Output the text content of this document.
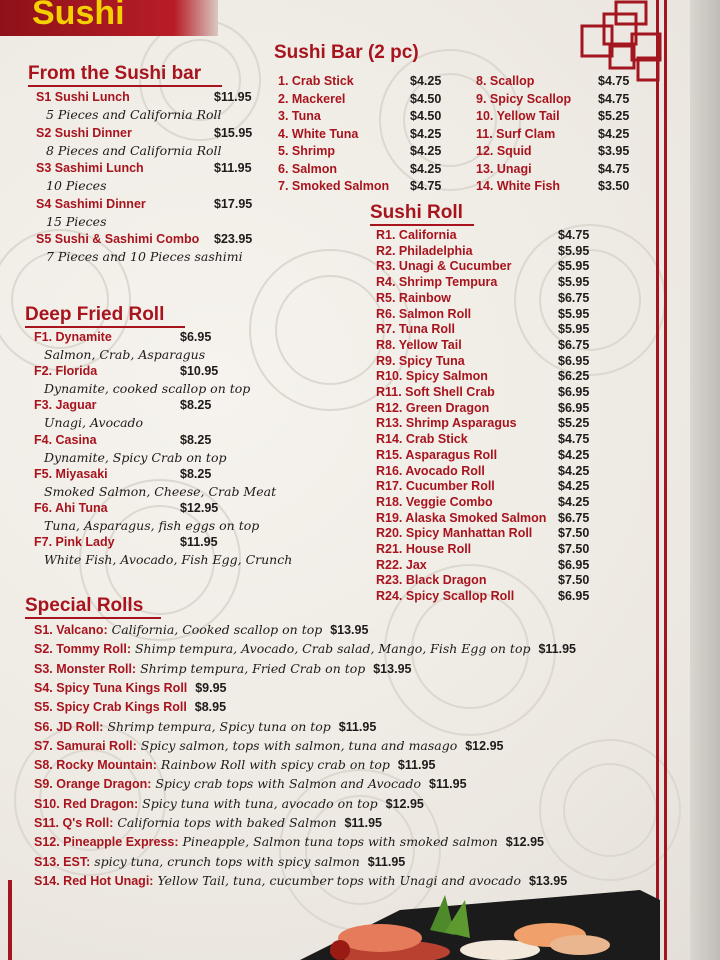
Sushi
Sushi Bar (2 pc)
1. Crab Stick	$4.25
2. Mackerel	$4.50
3. Tuna	$4.50
4. White Tuna	$4.25
5. Shrimp	$4.25
6. Salmon	$4.25
7. Smoked Salmon $4.75
8. Scallop	$4.75
9. Spicy Scallop $4.75
10. Yellow Tail	$5.25
11. Surf Clam	$4.25
12. Squid	$3.95
13. Unagi	$4.75
14. White Fish	$3.50
From the Sushi bar
S1 Sushi Lunch	$11.95
5 Pieces and California Roll
S2 Sushi Dinner	$15.95
8 Pieces and California Roll
S3 Sashimi Lunch	$11.95
10 Pieces
S4 Sashimi Dinner	$17.95
15 Pieces
S5 Sushi & Sashimi Combo $23.95
7 Pieces and 10 Pieces sashimi
Sushi Roll
R1. California	$4.75
R2. Philadelphia	$5.95
R3. Unagi & Cucumber	$5.95
R4. Shrimp Tempura	$5.95
R5. Rainbow	$6.75
R6. Salmon Roll	$5.95
R7. Tuna Roll	$5.95
R8. Yellow Tail	$6.75
R9. Spicy Tuna	$6.95
R10. Spicy Salmon	$6.25
R11. Soft Shell Crab	$6.95
R12. Green Dragon	$6.95
R13. Shrimp Asparagus	$5.25
R14. Crab Stick	$4.75
R15. Asparagus Roll	$4.25
R16. Avocado Roll	$4.25
R17. Cucumber Roll	$4.25
R18. Veggie Combo	$4.25
R19. Alaska Smoked Salmon $6.75
R20. Spicy Manhattan Roll $7.50
R21. House Roll	$7.50
R22. Jax	$6.95
R23. Black Dragon	$7.50
R24. Spicy Scallop Roll	$6.95
Deep Fried Roll
F1. Dynamite	$6.95
Salmon, Crab, Asparagus
F2. Florida	$10.95
Dynamite, cooked scallop on top
F3. Jaguar	$8.25
Unagi, Avocado
F4. Casina	$8.25
Dynamite, Spicy Crab on top
F5. Miyasaki	$8.25
Smoked Salmon, Cheese, Crab Meat
F6. Ahi Tuna	$12.95
Tuna, Asparagus, fish eggs on top
F7. Pink Lady	$11.95
White Fish, Avocado, Fish Egg, Crunch
Special Rolls
S1. Valcano: California, Cooked scallop on top $13.95
S2. Tommy Roll: Shimp tempura, Avocado, Crab salad, Mango, Fish Egg on top $11.95
S3. Monster Roll: Shrimp tempura, Fried Crab on top $13.95
S4. Spicy Tuna Kings Roll $9.95
S5. Spicy Crab Kings Roll $8.95
S6. JD Roll: Shrimp tempura, Spicy tuna on top $11.95
S7. Samurai Roll: Spicy salmon, tops with salmon, tuna and masago $12.95
S8. Rocky Mountain: Rainbow Roll with spicy crab on top $11.95
S9. Orange Dragon: Spicy crab tops with Salmon and Avocado $11.95
S10. Red Dragon: Spicy tuna with tuna, avocado on top $12.95
S11. Q's Roll: California tops with baked Salmon $11.95
S12. Pineapple Express: Pineapple, Salmon tuna tops with smoked salmon $12.95
S13. EST: spicy tuna, crunch tops with spicy salmon $11.95
S14. Red Hot Unagi: Yellow Tail, tuna, cucumber tops with Unagi and avocado $13.95
